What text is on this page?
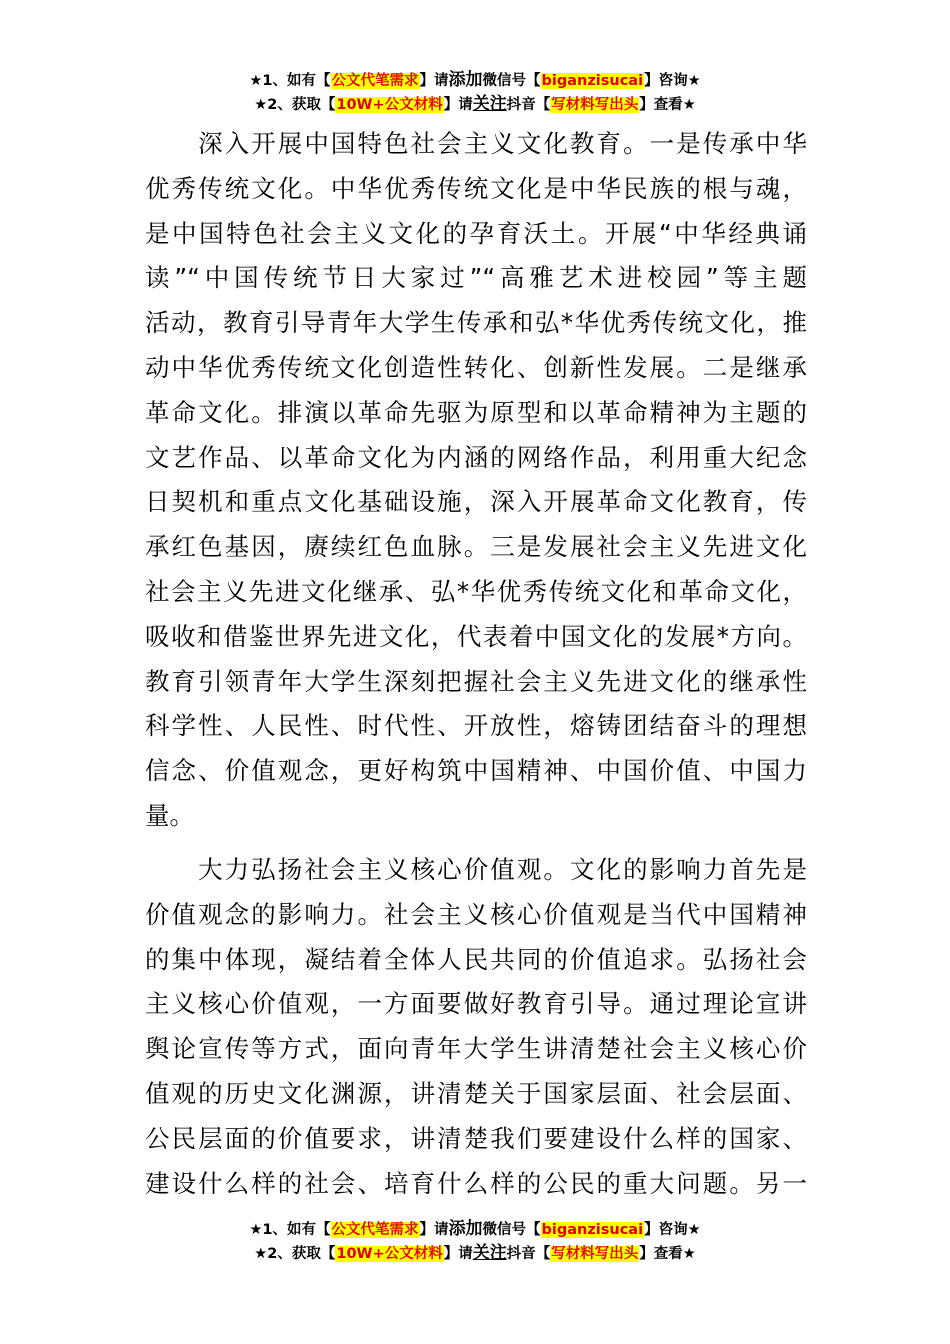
★1、如有【公文代笔需求】请添加微信号【biganzisucai】咨询★
★2、获取【10W+公文材料】请关注抖音【写材料写出头】查看★
　　深入开展中国特色社会主义文化教育。一是传承中华
优秀传统文化。中华优秀传统文化是中华民族的根与魂，
是中国特色社会主义文化的孕育沃土。开展“中华经典诵
读”“中国传统节日大家过”“高雅艺术进校园”等主题
活动，教育引导青年大学生传承和弘*华优秀传统文化，推
动中华优秀传统文化创造性转化、创新性发展。二是继承
革命文化。排演以革命先驱为原型和以革命精神为主题的
文艺作品、以革命文化为内涵的网络作品，利用重大纪念
日契机和重点文化基础设施，深入开展革命文化教育，传
承红色基因，赓续红色血脉。三是发展社会主义先进文化
社会主义先进文化继承、弘*华优秀传统文化和革命文化，
吸收和借鉴世界先进文化，代表着中国文化的发展*方向。
教育引领青年大学生深刻把握社会主义先进文化的继承性
科学性、人民性、时代性、开放性，熔铸团结奋斗的理想
信念、价值观念，更好构筑中国精神、中国价值、中国力
量。
　　大力弘扬社会主义核心价值观。文化的影响力首先是
价值观念的影响力。社会主义核心价值观是当代中国精神
的集中体现，凝结着全体人民共同的价值追求。弘扬社会
主义核心价值观，一方面要做好教育引导。通过理论宣讲
舆论宣传等方式，面向青年大学生讲清楚社会主义核心价
值观的历史文化渊源，讲清楚关于国家层面、社会层面、
公民层面的价值要求，讲清楚我们要建设什么样的国家、
建设什么样的社会、培育什么样的公民的重大问题。另一
★1、如有【公文代笔需求】请添加微信号【biganzisucai】咨询★
★2、获取【10W+公文材料】请关注抖音【写材料写出头】查看★
